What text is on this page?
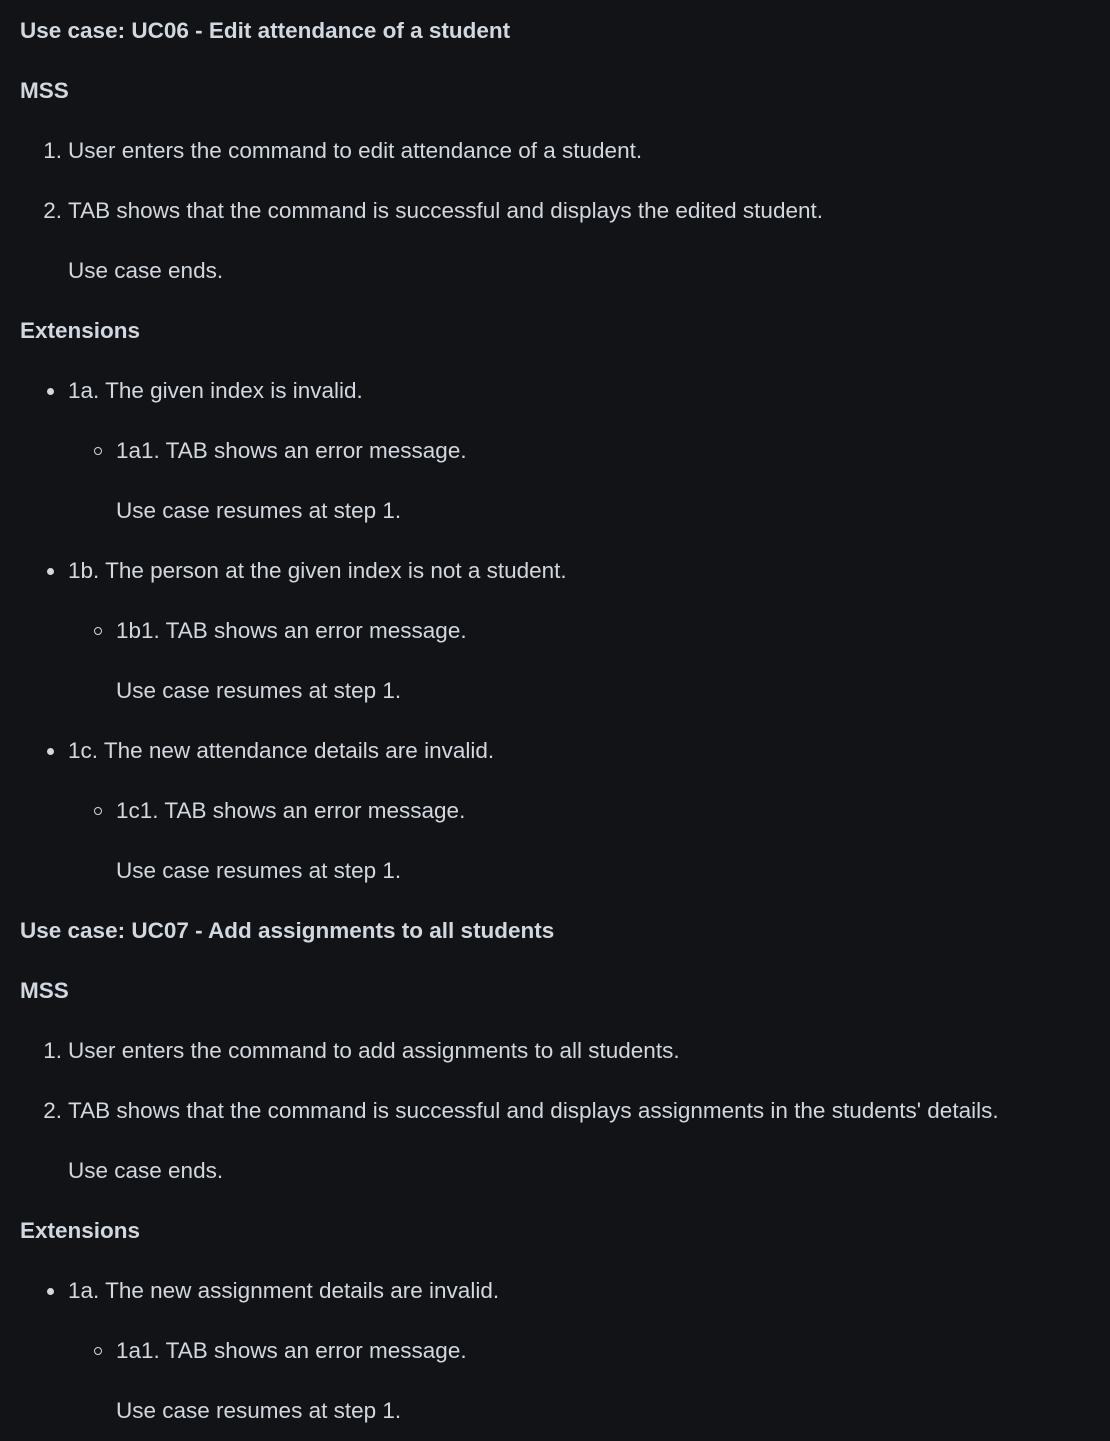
Use case: UC06 - Edit attendance of a student
MSS
1. User enters the command to edit attendance of a student.
2. TAB shows that the command is successful and displays the edited student.
Use case ends.
Extensions
1a. The given index is invalid.
1a1. TAB shows an error message.
Use case resumes at step 1.
1b. The person at the given index is not a student.
1b1. TAB shows an error message.
Use case resumes at step 1.
1c. The new attendance details are invalid.
1c1. TAB shows an error message.
Use case resumes at step 1.
Use case: UC07 - Add assignments to all students
MSS
1. User enters the command to add assignments to all students.
2. TAB shows that the command is successful and displays assignments in the students' details.
Use case ends.
Extensions
1a. The new assignment details are invalid.
1a1. TAB shows an error message.
Use case resumes at step 1.
